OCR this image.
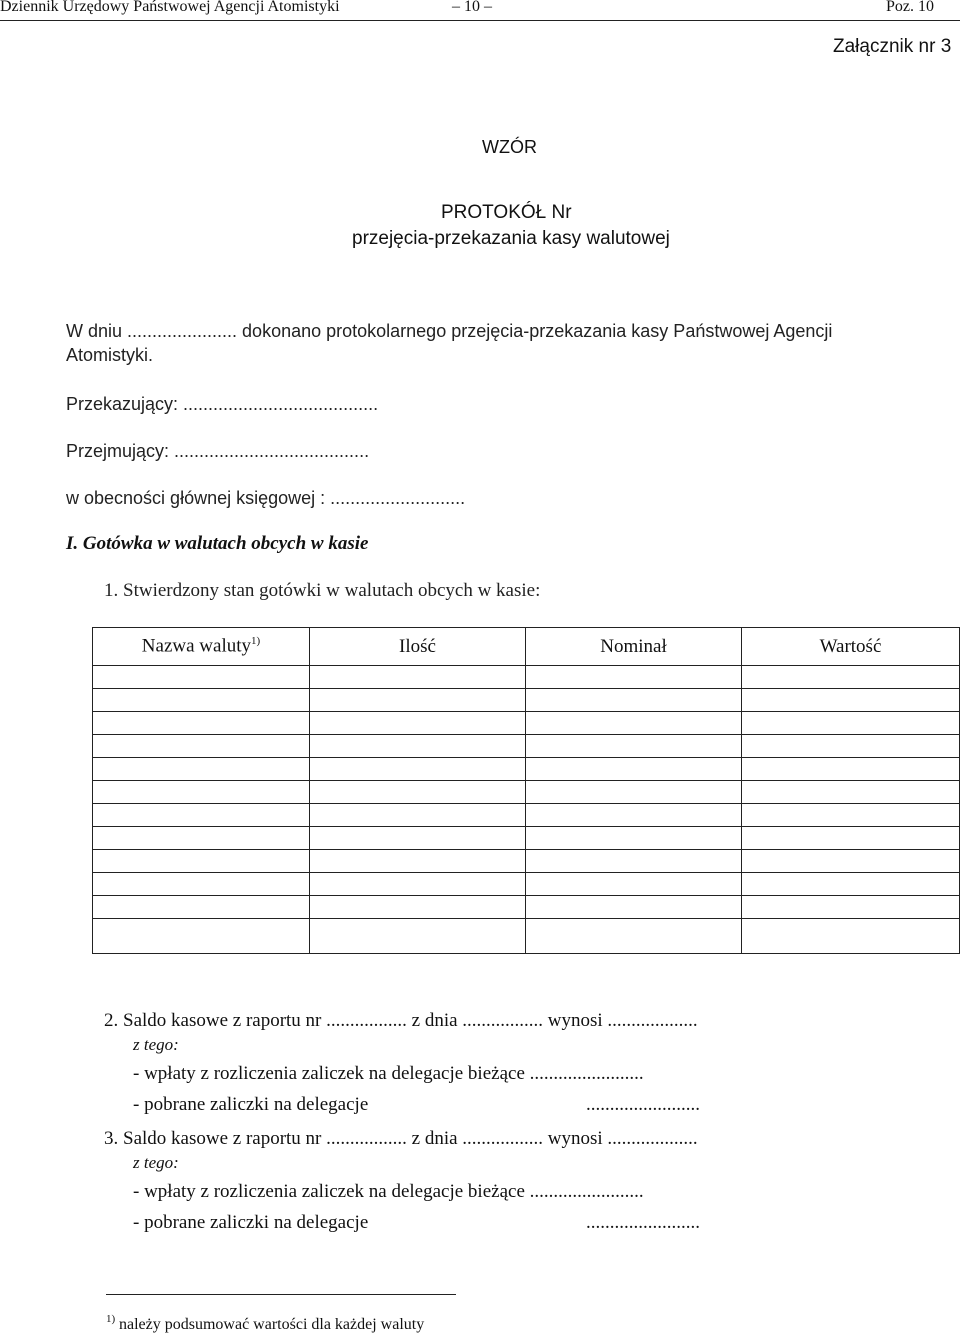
Dziennik Urzędowy Państwowej Agencji Atomistyki	– 10 –	Poz. 10
Załącznik nr 3
WZÓR
PROTOKÓŁ Nr
przejęcia-przekazania kasy walutowej
W dniu ...................... dokonano protokolarnego przejęcia-przekazania kasy Państwowej Agencji
Atomistyki.
Przekazujący: .......................................
Przejmujący: .......................................
w obecności głównej księgowej : ...........................
I. Gotówka w walutach obcych w kasie
1. Stwierdzony stan gotówki w walutach obcych w kasie:
Nazwa waluty$^{1)}$	Ilość	Nominał	Wartość

2. Saldo kasowe z raportu nr ................. z dnia ................. wynosi ...................
z tego:
- wpłaty z rozliczenia zaliczek na delegacje bieżące ........................
- pobrane zaliczki na delegacje	........................
3. Saldo kasowe z raportu nr ................. z dnia ................. wynosi ...................
z tego:
- wpłaty z rozliczenia zaliczek na delegacje bieżące ........................
- pobrane zaliczki na delegacje	........................
1) należy podsumować wartości dla każdej waluty
